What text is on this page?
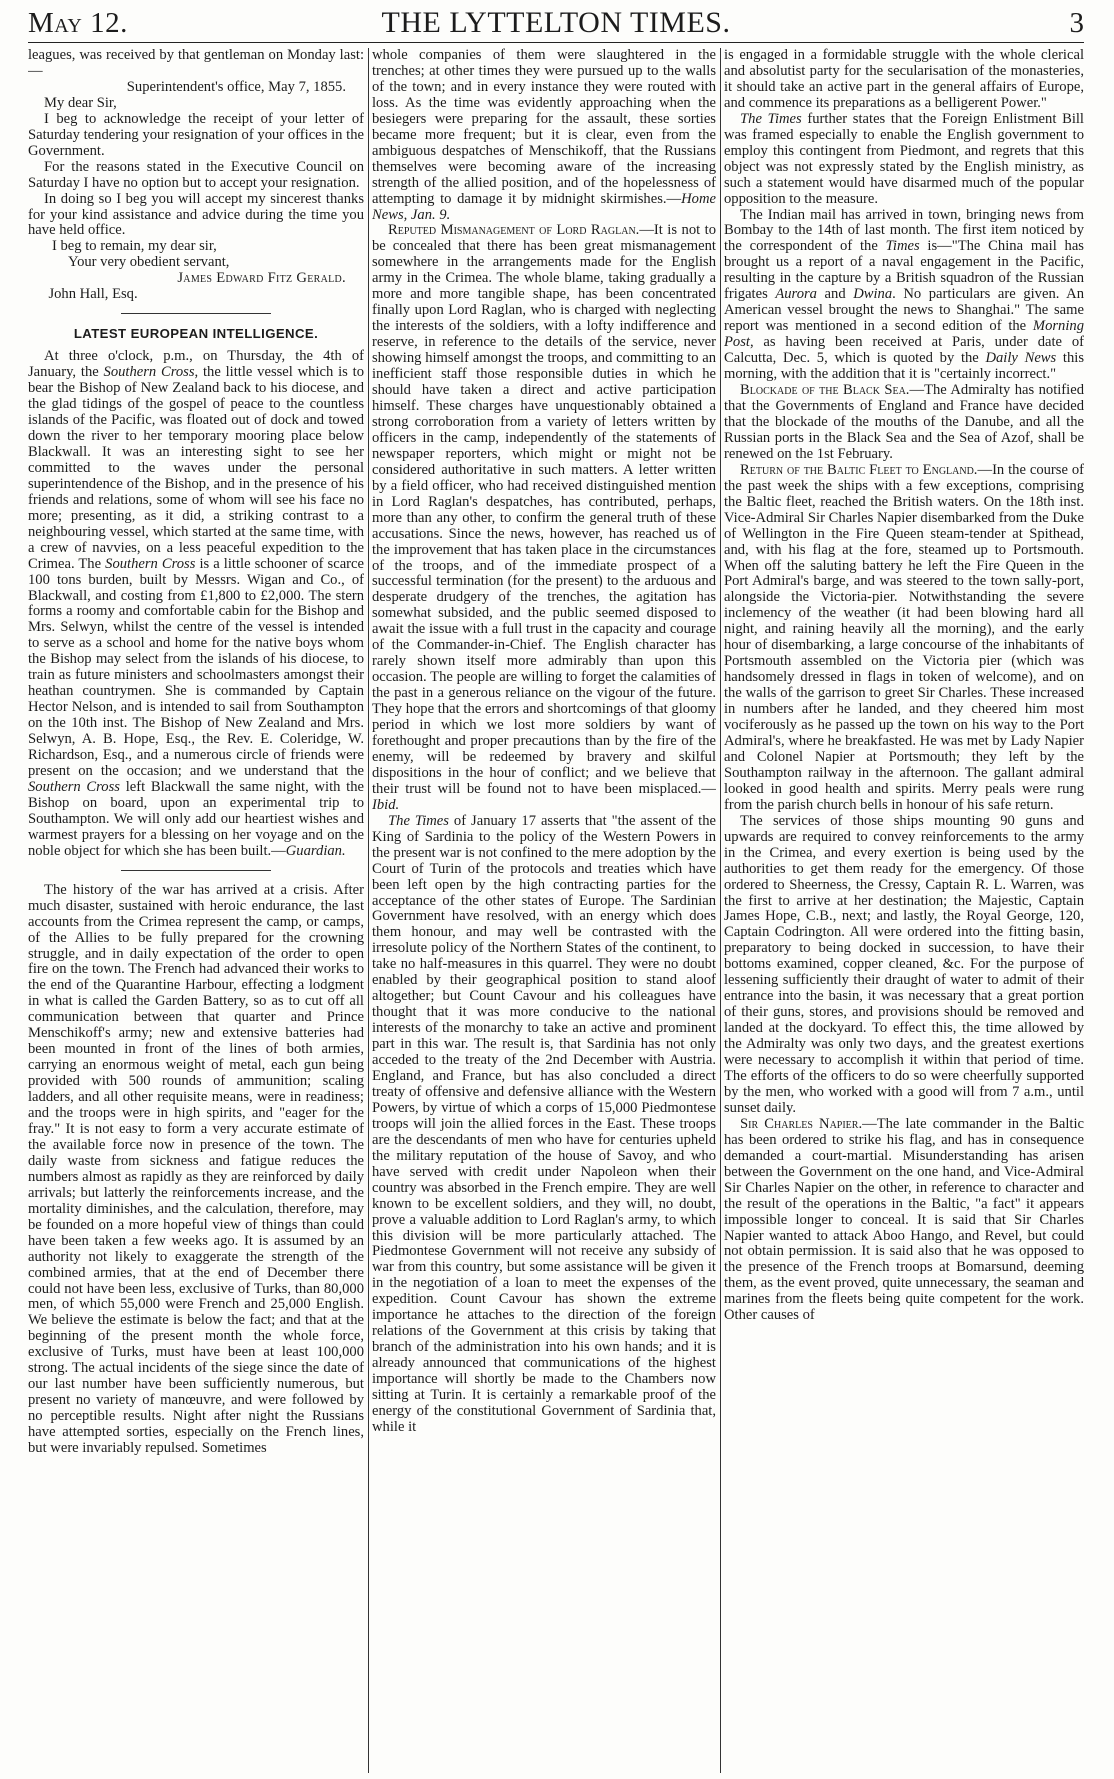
May 12.	THE LYTTELTON TIMES.	3

leagues, was received by that gentleman on Monday last:—

Superintendent's office, May 7, 1855.

My dear Sir,

I beg to acknowledge the receipt of your letter of Saturday tendering your resignation of your offices in the Government.

For the reasons stated in the Executive Council on Saturday I have no option but to accept your resignation.

In doing so I beg you will accept my sincerest thanks for your kind assistance and advice during the time you have held office.

I beg to remain, my dear sir,

Your very obedient servant,

James Edward Fitz Gerald.

John Hall, Esq.

LATEST EUROPEAN INTELLIGENCE.

At three o'clock, p.m., on Thursday, the 4th of January, the Southern Cross, the little vessel which is to bear the Bishop of New Zealand back to his diocese, and the glad tidings of the gospel of peace to the countless islands of the Pacific, was floated out of dock and towed down the river to her temporary mooring place below Blackwall. It was an interesting sight to see her committed to the waves under the personal superintendence of the Bishop, and in the presence of his friends and relations, some of whom will see his face no more; presenting, as it did, a striking contrast to a neighbouring vessel, which started at the same time, with a crew of navvies, on a less peaceful expedition to the Crimea. The Southern Cross is a little schooner of scarce 100 tons burden, built by Messrs. Wigan and Co., of Blackwall, and costing from £1,800 to £2,000. The stern forms a roomy and comfortable cabin for the Bishop and Mrs. Selwyn, whilst the centre of the vessel is intended to serve as a school and home for the native boys whom the Bishop may select from the islands of his diocese, to train as future ministers and schoolmasters amongst their heathan countrymen. She is commanded by Captain Hector Nelson, and is intended to sail from Southampton on the 10th inst. The Bishop of New Zealand and Mrs. Selwyn, A. B. Hope, Esq., the Rev. E. Coleridge, W. Richardson, Esq., and a numerous circle of friends were present on the occasion; and we understand that the Southern Cross left Blackwall the same night, with the Bishop on board, upon an experimental trip to Southampton. We will only add our heartiest wishes and warmest prayers for a blessing on her voyage and on the noble object for which she has been built.—Guardian.

The history of the war has arrived at a crisis. After much disaster, sustained with heroic endurance, the last accounts from the Crimea represent the camp, or camps, of the Allies to be fully prepared for the crowning struggle, and in daily expectation of the order to open fire on the town. The French had advanced their works to the end of the Quarantine Harbour, effecting a lodgment in what is called the Garden Battery, so as to cut off all communication between that quarter and Prince Menschikoff's army; new and extensive batteries had been mounted in front of the lines of both armies, carrying an enormous weight of metal, each gun being provided with 500 rounds of ammunition; scaling ladders, and all other requisite means, were in readiness; and the troops were in high spirits, and "eager for the fray." It is not easy to form a very accurate estimate of the available force now in presence of the town. The daily waste from sickness and fatigue reduces the numbers almost as rapidly as they are reinforced by daily arrivals; but latterly the reinforcements increase, and the mortality diminishes, and the calculation, therefore, may be founded on a more hopeful view of things than could have been taken a few weeks ago. It is assumed by an authority not likely to exaggerate the strength of the combined armies, that at the end of December there could not have been less, exclusive of Turks, than 80,000 men, of which 55,000 were French and 25,000 English. We believe the estimate is below the fact; and that at the beginning of the present month the whole force, exclusive of Turks, must have been at least 100,000 strong. The actual incidents of the siege since the date of our last number have been sufficiently numerous, but present no variety of manœuvre, and were followed by no perceptible results. Night after night the Russians have attempted sorties, especially on the French lines, but were invariably repulsed. Sometimes

whole companies of them were slaughtered in the trenches; at other times they were pursued up to the walls of the town; and in every instance they were routed with loss. As the time was evidently approaching when the besiegers were preparing for the assault, these sorties became more frequent; but it is clear, even from the ambiguous despatches of Menschikoff, that the Russians themselves were becoming aware of the increasing strength of the allied position, and of the hopelessness of attempting to damage it by midnight skirmishes.—Home News, Jan. 9.

Reputed Mismanagement of Lord Raglan.—It is not to be concealed that there has been great mismanagement somewhere in the arrangements made for the English army in the Crimea. The whole blame, taking gradually a more and more tangible shape, has been concentrated finally upon Lord Raglan, who is charged with neglecting the interests of the soldiers, with a lofty indifference and reserve, in reference to the details of the service, never showing himself amongst the troops, and committing to an inefficient staff those responsible duties in which he should have taken a direct and active participation himself. These charges have unquestionably obtained a strong corroboration from a variety of letters written by officers in the camp, independently of the statements of newspaper reporters, which might or might not be considered authoritative in such matters. A letter written by a field officer, who had received distinguished mention in Lord Raglan's despatches, has contributed, perhaps, more than any other, to confirm the general truth of these accusations. Since the news, however, has reached us of the improvement that has taken place in the circumstances of the troops, and of the immediate prospect of a successful termination (for the present) to the arduous and desperate drudgery of the trenches, the agitation has somewhat subsided, and the public seemed disposed to await the issue with a full trust in the capacity and courage of the Commander-in-Chief. The English character has rarely shown itself more admirably than upon this occasion. The people are willing to forget the calamities of the past in a generous reliance on the vigour of the future. They hope that the errors and shortcomings of that gloomy period in which we lost more soldiers by want of forethought and proper precautions than by the fire of the enemy, will be redeemed by bravery and skilful dispositions in the hour of conflict; and we believe that their trust will be found not to have been misplaced.— Ibid.

The Times of January 17 asserts that "the assent of the King of Sardinia to the policy of the Western Powers in the present war is not confined to the mere adoption by the Court of Turin of the protocols and treaties which have been left open by the high contracting parties for the acceptance of the other states of Europe. The Sardinian Government have resolved, with an energy which does them honour, and may well be contrasted with the irresolute policy of the Northern States of the continent, to take no half-measures in this quarrel. They were no doubt enabled by their geographical position to stand aloof altogether; but Count Cavour and his colleagues have thought that it was more conducive to the national interests of the monarchy to take an active and prominent part in this war. The result is, that Sardinia has not only acceded to the treaty of the 2nd December with Austria. England, and France, but has also concluded a direct treaty of offensive and defensive alliance with the Western Powers, by virtue of which a corps of 15,000 Piedmontese troops will join the allied forces in the East. These troops are the descendants of men who have for centuries upheld the military reputation of the house of Savoy, and who have served with credit under Napoleon when their country was absorbed in the French empire. They are well known to be excellent soldiers, and they will, no doubt, prove a valuable addition to Lord Raglan's army, to which this division will be more particularly attached. The Piedmontese Government will not receive any subsidy of war from this country, but some assistance will be given it in the negotiation of a loan to meet the expenses of the expedition. Count Cavour has shown the extreme importance he attaches to the direction of the foreign relations of the Government at this crisis by taking that branch of the administration into his own hands; and it is already announced that communications of the highest importance will shortly be made to the Chambers now sitting at Turin. It is certainly a remarkable proof of the energy of the constitutional Government of Sardinia that, while it

is engaged in a formidable struggle with the whole clerical and absolutist party for the secularisation of the monasteries, it should take an active part in the general affairs of Europe, and commence its preparations as a belligerent Power."

The Times further states that the Foreign Enlistment Bill was framed especially to enable the English government to employ this contingent from Piedmont, and regrets that this object was not expressly stated by the English ministry, as such a statement would have disarmed much of the popular opposition to the measure.

The Indian mail has arrived in town, bringing news from Bombay to the 14th of last month. The first item noticed by the correspondent of the Times is—"The China mail has brought us a report of a naval engagement in the Pacific, resulting in the capture by a British squadron of the Russian frigates Aurora and Dwina. No particulars are given. An American vessel brought the news to Shanghai." The same report was mentioned in a second edition of the Morning Post, as having been received at Paris, under date of Calcutta, Dec. 5, which is quoted by the Daily News this morning, with the addition that it is "certainly incorrect."

Blockade of the Black Sea.—The Admiralty has notified that the Governments of England and France have decided that the blockade of the mouths of the Danube, and all the Russian ports in the Black Sea and the Sea of Azof, shall be renewed on the 1st February.

Return of the Baltic Fleet to England.—In the course of the past week the ships with a few exceptions, comprising the Baltic fleet, reached the British waters. On the 18th inst. Vice-Admiral Sir Charles Napier disembarked from the Duke of Wellington in the Fire Queen steam-tender at Spithead, and, with his flag at the fore, steamed up to Portsmouth. When off the saluting battery he left the Fire Queen in the Port Admiral's barge, and was steered to the town sally-port, alongside the Victoria-pier. Notwithstanding the severe inclemency of the weather (it had been blowing hard all night, and raining heavily all the morning), and the early hour of disembarking, a large concourse of the inhabitants of Portsmouth assembled on the Victoria pier (which was handsomely dressed in flags in token of welcome), and on the walls of the garrison to greet Sir Charles. These increased in numbers after he landed, and they cheered him most vociferously as he passed up the town on his way to the Port Admiral's, where he breakfasted. He was met by Lady Napier and Colonel Napier at Portsmouth; they left by the Southampton railway in the afternoon. The gallant admiral looked in good health and spirits. Merry peals were rung from the parish church bells in honour of his safe return.

The services of those ships mounting 90 guns and upwards are required to convey reinforcements to the army in the Crimea, and every exertion is being used by the authorities to get them ready for the emergency. Of those ordered to Sheerness, the Cressy, Captain R. L. Warren, was the first to arrive at her destination; the Majestic, Captain James Hope, C.B., next; and lastly, the Royal George, 120, Captain Codrington. All were ordered into the fitting basin, preparatory to being docked in succession, to have their bottoms examined, copper cleaned, &c. For the purpose of lessening sufficiently their draught of water to admit of their entrance into the basin, it was necessary that a great portion of their guns, stores, and provisions should be removed and landed at the dockyard. To effect this, the time allowed by the Admiralty was only two days, and the greatest exertions were necessary to accomplish it within that period of time. The efforts of the officers to do so were cheerfully supported by the men, who worked with a good will from 7 a.m., until sunset daily.

Sir Charles Napier.—The late commander in the Baltic has been ordered to strike his flag, and has in consequence demanded a court-martial. Misunderstanding has arisen between the Government on the one hand, and Vice-Admiral Sir Charles Napier on the other, in reference to character and the result of the operations in the Baltic, "a fact" it appears impossible longer to conceal. It is said that Sir Charles Napier wanted to attack Aboo Hango, and Revel, but could not obtain permission. It is said also that he was opposed to the presence of the French troops at Bomarsund, deeming them, as the event proved, quite unnecessary, the seaman and marines from the fleets being quite competent for the work. Other causes of
